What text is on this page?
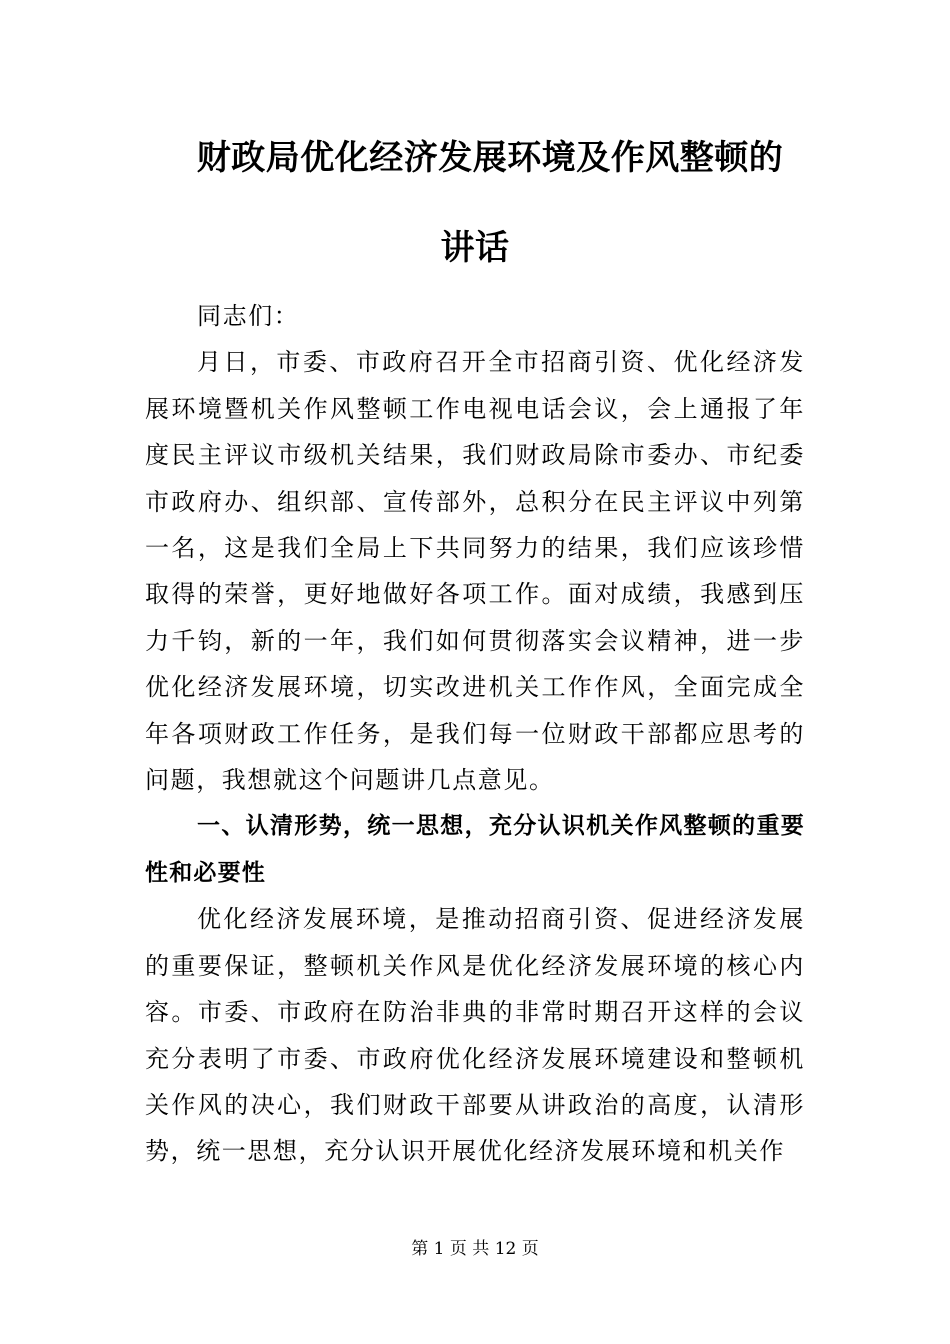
财政局优化经济发展环境及作风整顿的
讲话

同志们：

月日，市委、市政府召开全市招商引资、优化经济发展环境暨机关作风整顿工作电视电话会议，会上通报了年度民主评议市级机关结果，我们财政局除市委办、市纪委市政府办、组织部、宣传部外，总积分在民主评议中列第一名，这是我们全局上下共同努力的结果，我们应该珍惜取得的荣誉，更好地做好各项工作。面对成绩，我感到压力千钧，新的一年，我们如何贯彻落实会议精神，进一步优化经济发展环境，切实改进机关工作作风，全面完成全年各项财政工作任务，是我们每一位财政干部都应思考的问题，我想就这个问题讲几点意见。

一、认清形势，统一思想，充分认识机关作风整顿的重要性和必要性

优化经济发展环境，是推动招商引资、促进经济发展的重要保证，整顿机关作风是优化经济发展环境的核心内容。市委、市政府在防治非典的非常时期召开这样的会议充分表明了市委、市政府优化经济发展环境建设和整顿机关作风的决心，我们财政干部要从讲政治的高度，认清形势，统一思想，充分认识开展优化经济发展环境和机关作

第 1 页 共 12 页
